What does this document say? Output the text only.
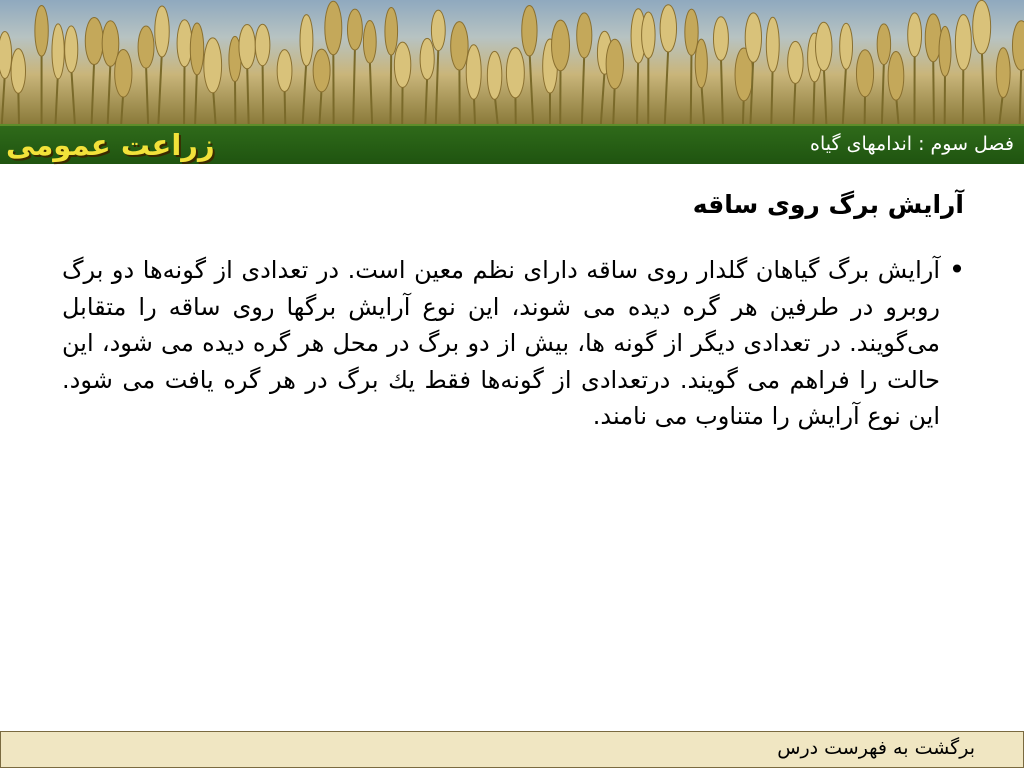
زراعت عمومی	فصل سوم : اندامهای گیاه
آرایش برگ روی ساقه
•
آرایش برگ گیاهان گلدار روی ساقه دارای نظم معین است. در تعدادی از گونه‌ها دو برگ روبرو در طرفین هر گره دیده می شوند، این نوع آرایش برگها روی ساقه را متقابل می‌گویند. در تعدادی دیگر از گونه ها، بیش از دو برگ در محل هر گره دیده می شود، این حالت را فراهم می گویند. درتعدادی از گونه‌ها فقط یك برگ در هر گره یافت می شود. این نوع آرایش را متناوب می نامند.
برگشت به فهرست درس
